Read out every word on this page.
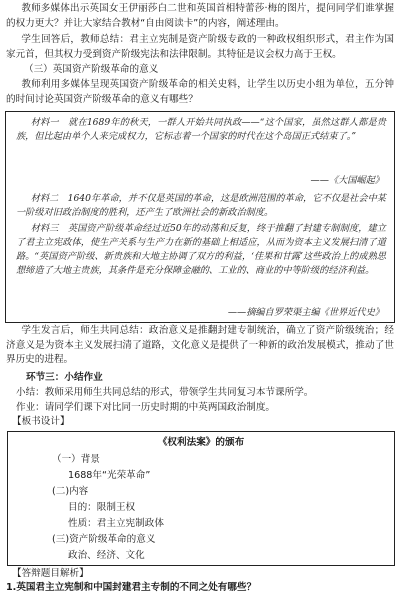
教师多媒体出示英国女王伊丽莎白二世和英国首相特蕾莎·梅的图片，提问同学们谁掌握的权力更大？并让大家结合教材“自由阅读卡”的内容，阐述理由。
学生回答后，教师总结：君主立宪制是资产阶级专政的一种政权组织形式，君主作为国家元首，但其权力受到资产阶级宪法和法律限制。其特征是议会权力高于王权。
（三）英国资产阶级革命的意义
教师利用多媒体呈现英国资产阶级革命的相关史料，让学生以历史小组为单位，五分钟的时间讨论英国资产阶级革命的意义有哪些？
材料一　就在1689年的秋天，一群人开始共同执政——“这个国家，虽然这群人都是贵族，但比起由单个人来完成权力，它标志着一个国家的时代在这个岛国正式结束了。”
——《大国崛起》
材料二　1640年革命，并不仅是英国的革命，这是欧洲范围的革命，它不仅是社会中某一阶级对旧政治制度的胜利，还产生了欧洲社会的新政治制度。
材料三　英国资产阶级革命经过近50年的动荡和反复，终于推翻了封建专制制度，建立了君主立宪政体，使生产关系与生产力在新的基础上相适应，从而为资本主义发展扫清了道路。“英国资产阶级、新贵族和大地主协调了双方的利益，‘佳果和甘露’这些政治上的成熟思想缔造了大地主贵族，其条件是充分保障金融的、工业的、商业的中等阶级的经济利益。
——摘编自罗荣渠主编《世界近代史》
学生发言后，师生共同总结：政治意义是推翻封建专制统治，确立了资产阶级统治；经济意义是为资本主义发展扫清了道路，文化意义是提供了一种新的政治发展模式，推动了世界历史的进程。
环节三：小结作业
小结：教师采用师生共同总结的形式，带领学生共同复习本节课所学。
作业：请同学们课下对比同一历史时期的中英两国政治制度。
【板书设计】
《权利法案》的颁布
（一）背景
1688年“光荣革命”
(二)内容
目的：限制王权
性质：君主立宪制政体
(三)资产阶级革命的意义
政治、经济、文化
【答辩题目解析】
1.英国君主立宪制和中国封建君主专制的不同之处有哪些？
